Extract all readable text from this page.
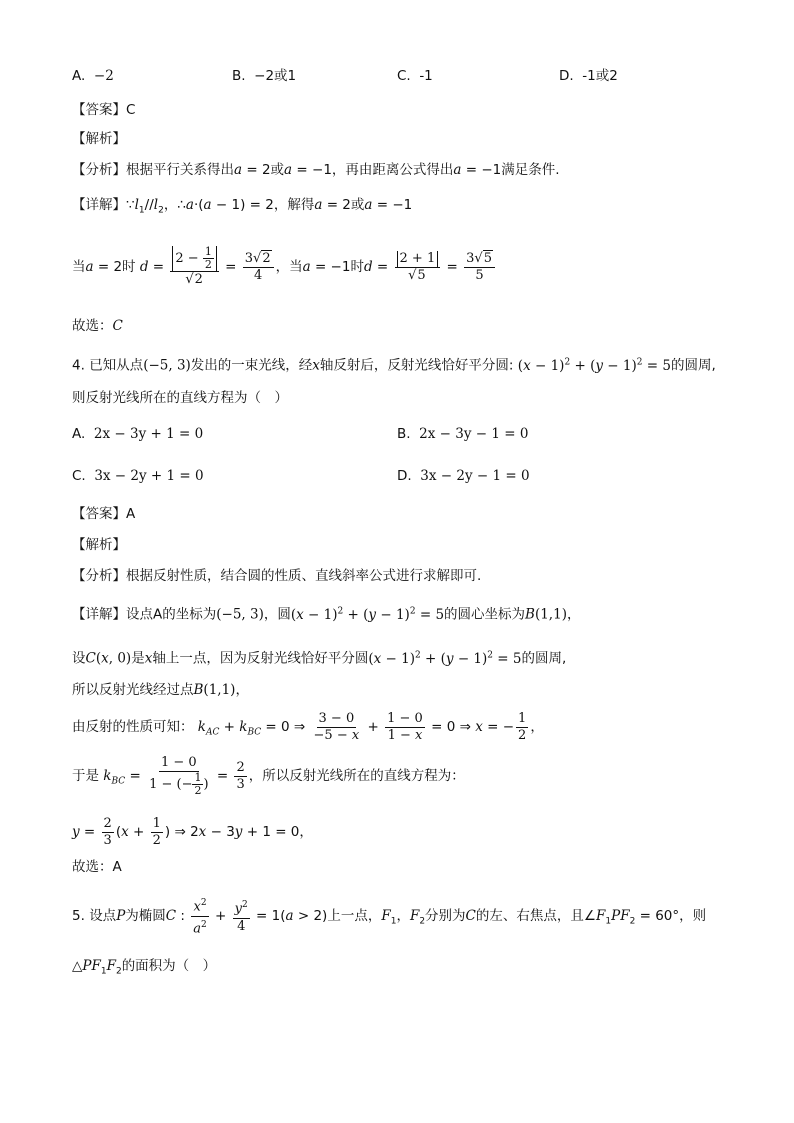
A. −2	B. −2或1	C. -1	D. -1或2
【答案】C
【解析】
【分析】根据平行关系得出a = 2或a = −1，再由距离公式得出a = −1满足条件.
【详解】$\because l_1//l_2$，∴a·(a − 1) = 2，解得a = 2或a = −1
当a = 2时 $d = \frac{2 - \frac{1}{2}}{√2} = \frac{3√2}{4}$ ，当a = −1时$d = \frac{2 + 1}{√5} = \frac{3√5}{5}$
故选：C
4. 已知从点(−5, 3)发出的一束光线，经x轴反射后，反射光线恰好平分圆: $(x - 1)^2 + (y - 1)^2 = 5$的圆周,
则反射光线所在的直线方程为（　）
A. 2x − 3y + 1 = 0	B. 2x − 3y − 1 = 0
C. 3x − 2y + 1 = 0	D. 3x − 2y − 1 = 0
【答案】A
【解析】
【分析】根据反射性质，结合圆的性质、直线斜率公式进行求解即可.
【详解】设点A的坐标为(−5, 3)，圆$(x - 1)^2 + (y - 1)^2 = 5$的圆心坐标为B(1,1)，
设C(x, 0)是x轴上一点，因为反射光线恰好平分圆$(x - 1)^2 + (y - 1)^2 = 5$的圆周,
所以反射光线经过点B(1,1)，
由反射的性质可知： $k_{AC} + k_{BC} = 0$ ⇒ $\frac{3 - 0}{-5 - x} + \frac{1 - 0}{1 - x} = 0$ ⇒ x = − $\frac{1}{2}$ ，
于是 $k_{BC} = \frac{1 - 0}{1 - (- \frac{1}{2} )} = \frac{2}{3}$ ，所以反射光线所在的直线方程为：
$y = \frac{2}{3} (x + \frac{1}{2}$ ) ⇒ 2x − 3y + 1 = 0，
故选：A
5. 设点P为椭圆C : $\frac{x^2}{a^2} + \frac{y^2}{4} = 1(a > 2)$上一点，$F_1$，$F_2$分别为C的左、右焦点，且$\angle F_1PF_2 = 60^\circ$，则
$\triangle PF_1F_2$的面积为（　）
